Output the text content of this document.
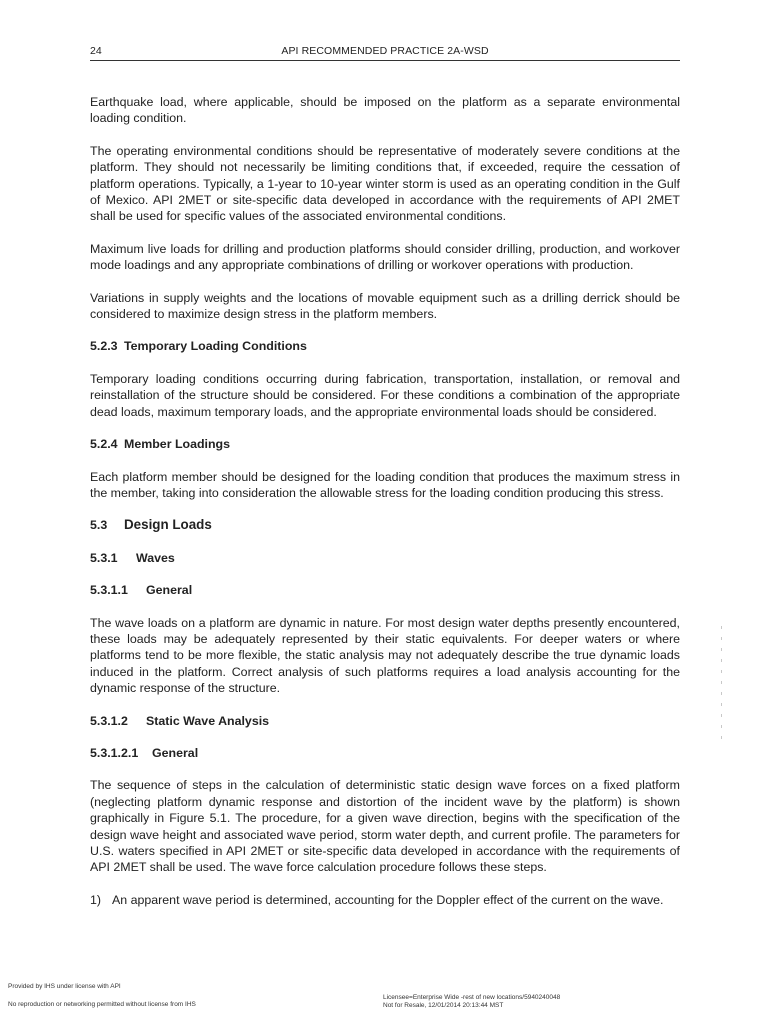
24	API RECOMMENDED PRACTICE 2A-WSD

Earthquake load, where applicable, should be imposed on the platform as a separate environmental loading condition.

The operating environmental conditions should be representative of moderately severe conditions at the platform. They should not necessarily be limiting conditions that, if exceeded, require the cessation of platform operations. Typically, a 1-year to 10-year winter storm is used as an operating condition in the Gulf of Mexico. API 2MET or site-specific data developed in accordance with the requirements of API 2MET shall be used for specific values of the associated environmental conditions.

Maximum live loads for drilling and production platforms should consider drilling, production, and workover mode loadings and any appropriate combinations of drilling or workover operations with production.

Variations in supply weights and the locations of movable equipment such as a drilling derrick should be considered to maximize design stress in the platform members.

5.2.3 Temporary Loading Conditions

Temporary loading conditions occurring during fabrication, transportation, installation, or removal and reinstallation of the structure should be considered. For these conditions a combination of the appropriate dead loads, maximum temporary loads, and the appropriate environmental loads should be considered.

5.2.4 Member Loadings

Each platform member should be designed for the loading condition that produces the maximum stress in the member, taking into consideration the allowable stress for the loading condition producing this stress.

5.3 Design Loads
5.3.1 Waves
5.3.1.1 General

The wave loads on a platform are dynamic in nature. For most design water depths presently encountered, these loads may be adequately represented by their static equivalents. For deeper waters or where platforms tend to be more flexible, the static analysis may not adequately describe the true dynamic loads induced in the platform. Correct analysis of such platforms requires a load analysis accounting for the dynamic response of the structure.

5.3.1.2 Static Wave Analysis
5.3.1.2.1 General

The sequence of steps in the calculation of deterministic static design wave forces on a fixed platform (neglecting platform dynamic response and distortion of the incident wave by the platform) is shown graphically in Figure 5.1. The procedure, for a given wave direction, begins with the specification of the design wave height and associated wave period, storm water depth, and current profile. The parameters for U.S. waters specified in API 2MET or site-specific data developed in accordance with the requirements of API 2MET shall be used. The wave force calculation procedure follows these steps.

1) An apparent wave period is determined, accounting for the Doppler effect of the current on the wave.
Provided by IHS under license with API
No reproduction or networking permitted without license from IHS
Licensee=Enterprise Wide -rest of new locations/5940240048
Not for Resale, 12/01/2014 20:13:44 MST
